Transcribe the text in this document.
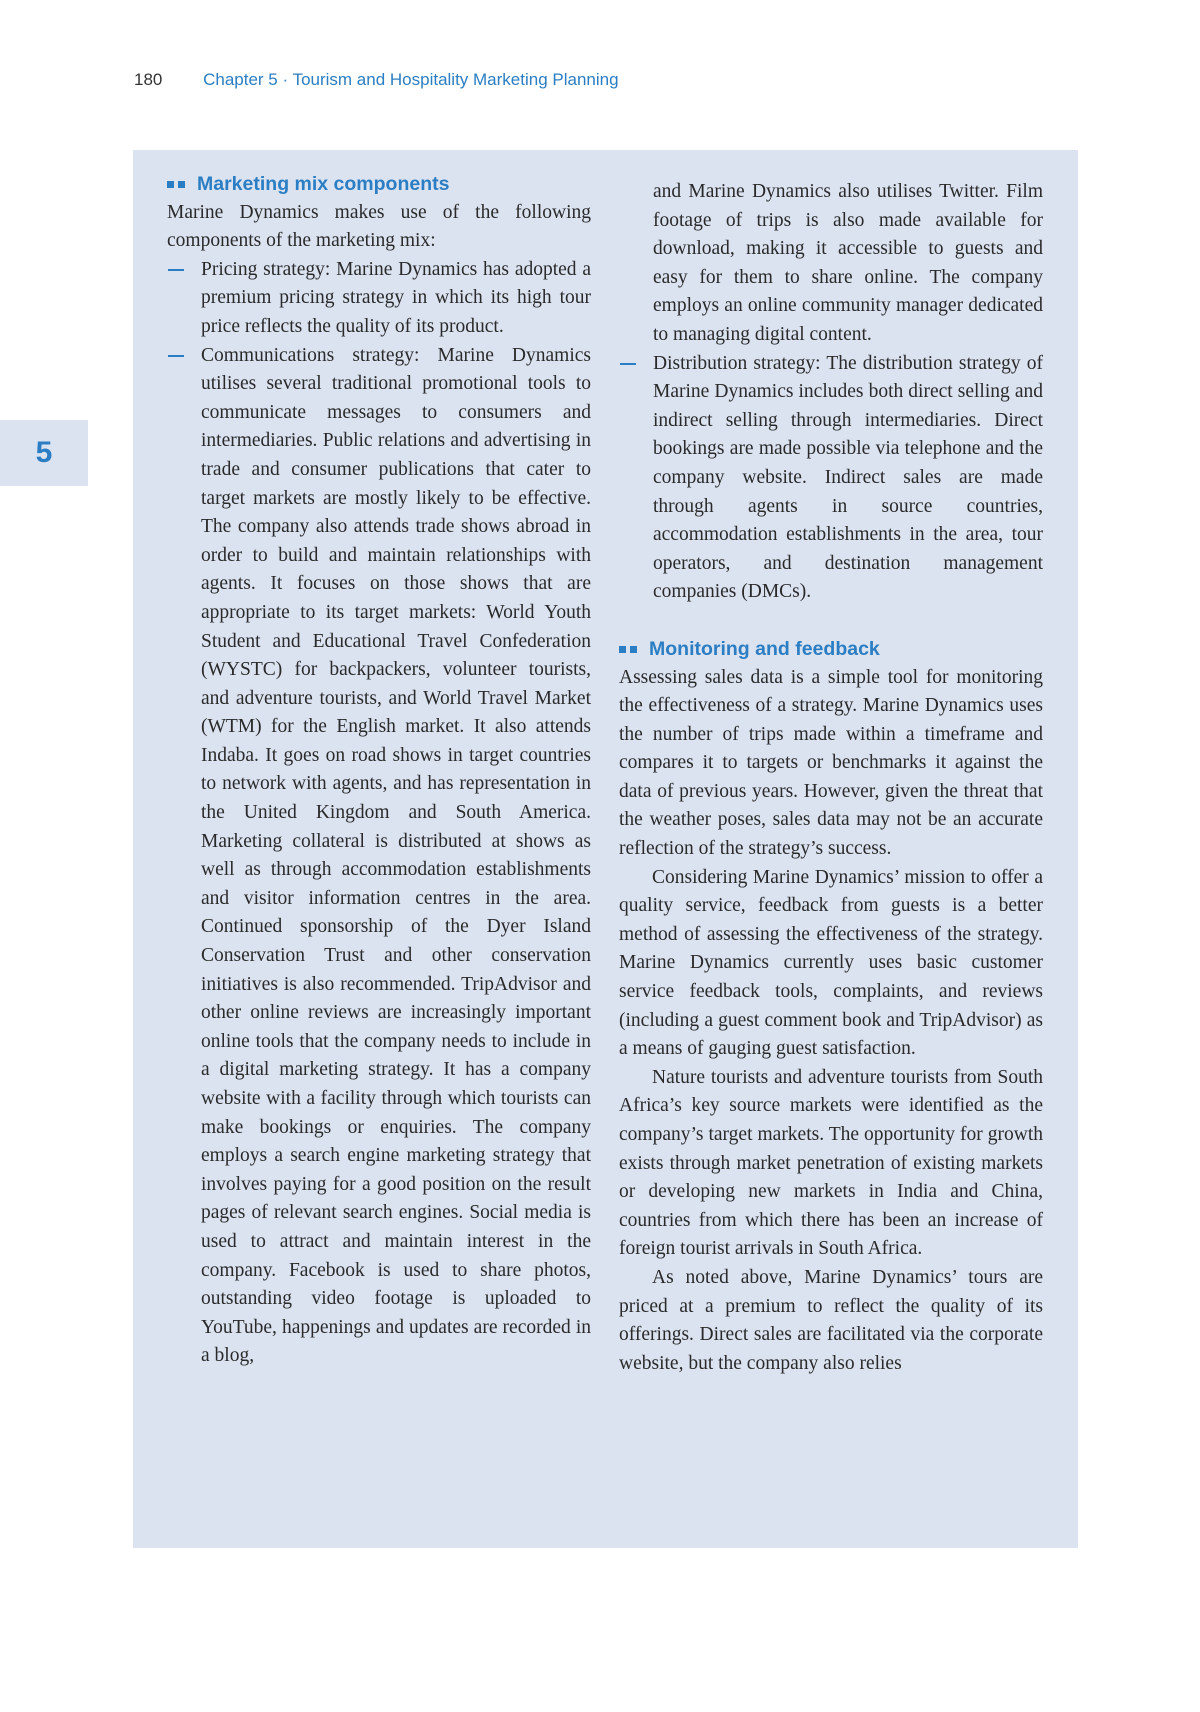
180 Chapter 5 · Tourism and Hospitality Marketing Planning
5
Marketing mix components

Marine Dynamics makes use of the following components of the marketing mix:

Pricing strategy: Marine Dynamics has adopted a premium pricing strategy in which its high tour price reflects the quality of its product.

Communications strategy: Marine Dynamics utilises several traditional promotional tools to communicate messages to consumers and intermediaries. Public relations and advertising in trade and consumer publications that cater to target markets are mostly likely to be effective. The company also attends trade shows abroad in order to build and maintain relationships with agents. It focuses on those shows that are appropriate to its target markets: World Youth Student and Educational Travel Confederation (WYSTC) for backpackers, volunteer tourists, and adventure tourists, and World Travel Market (WTM) for the English market. It also attends Indaba. It goes on road shows in target countries to network with agents, and has representation in the United Kingdom and South America. Marketing collateral is distributed at shows as well as through accommodation establishments and visitor information centres in the area. Continued sponsorship of the Dyer Island Conservation Trust and other conservation initiatives is also recommended. TripAdvisor and other online reviews are increasingly important online tools that the company needs to include in a digital marketing strategy. It has a company website with a facility through which tourists can make bookings or enquiries. The company employs a search engine marketing strategy that involves paying for a good position on the result pages of relevant search engines. Social media is used to attract and maintain interest in the company. Facebook is used to share photos, outstanding video footage is uploaded to YouTube, happenings and updates are recorded in a blog,

and Marine Dynamics also utilises Twitter. Film footage of trips is also made available for download, making it accessible to guests and easy for them to share online. The company employs an online community manager dedicated to managing digital content.

Distribution strategy: The distribution strategy of Marine Dynamics includes both direct selling and indirect selling through intermediaries. Direct bookings are made possible via telephone and the company website. Indirect sales are made through agents in source countries, accommodation establishments in the area, tour operators, and destination management companies (DMCs).

Monitoring and feedback

Assessing sales data is a simple tool for monitoring the effectiveness of a strategy. Marine Dynamics uses the number of trips made within a timeframe and compares it to targets or benchmarks it against the data of previous years. However, given the threat that the weather poses, sales data may not be an accurate reflection of the strategy’s success.

Considering Marine Dynamics’ mission to offer a quality service, feedback from guests is a better method of assessing the effectiveness of the strategy. Marine Dynamics currently uses basic customer service feedback tools, complaints, and reviews (including a guest comment book and TripAdvisor) as a means of gauging guest satisfaction.

Nature tourists and adventure tourists from South Africa’s key source markets were identified as the company’s target markets. The opportunity for growth exists through market penetration of existing markets or developing new markets in India and China, countries from which there has been an increase of foreign tourist arrivals in South Africa.

As noted above, Marine Dynamics’ tours are priced at a premium to reflect the quality of its offerings. Direct sales are facilitated via the corporate website, but the company also relies
